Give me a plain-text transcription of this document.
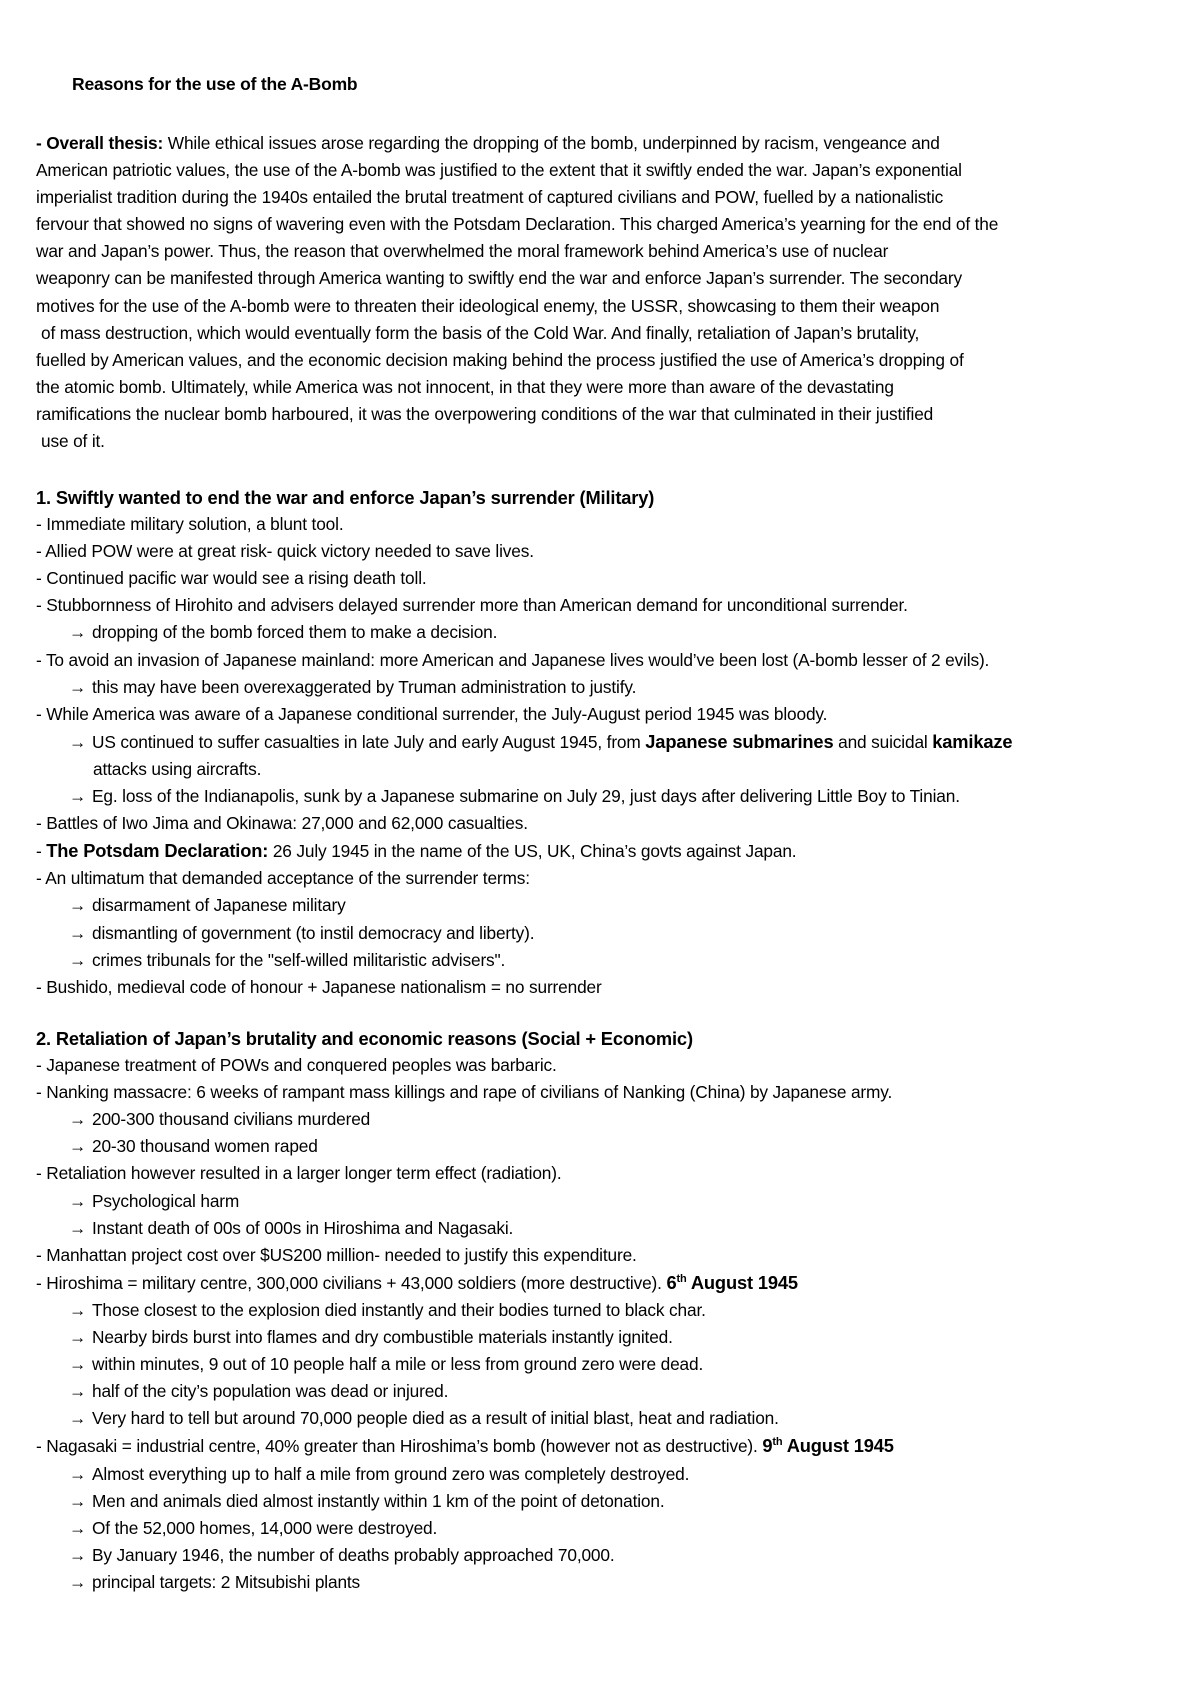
Reasons for the use of the A-Bomb
- Overall thesis: While ethical issues arose regarding the dropping of the bomb, underpinned by racism, vengeance and
American patriotic values, the use of the A-bomb was justified to the extent that it swiftly ended the war. Japan’s exponential
imperialist tradition during the 1940s entailed the brutal treatment of captured civilians and POW, fuelled by a nationalistic
fervour that showed no signs of wavering even with the Potsdam Declaration. This charged America’s yearning for the end of the
war and Japan’s power. Thus, the reason that overwhelmed the moral framework behind America’s use of nuclear
weaponry can be manifested through America wanting to swiftly end the war and enforce Japan’s surrender. The secondary
motives for the use of the A-bomb were to threaten their ideological enemy, the USSR, showcasing to them their weapon
of mass destruction, which would eventually form the basis of the Cold War. And finally, retaliation of Japan’s brutality,
fuelled by American values, and the economic decision making behind the process justified the use of America’s dropping of
the atomic bomb. Ultimately, while America was not innocent, in that they were more than aware of the devastating
ramifications the nuclear bomb harboured, it was the overpowering conditions of the war that culminated in their justified
use of it.
1. Swiftly wanted to end the war and enforce Japan’s surrender (Military)
- Immediate military solution, a blunt tool.
- Allied POW were at great risk- quick victory needed to save lives.
- Continued pacific war would see a rising death toll.
- Stubbornness of Hirohito and advisers delayed surrender more than American demand for unconditional surrender.
→ dropping of the bomb forced them to make a decision.
- To avoid an invasion of Japanese mainland: more American and Japanese lives would’ve been lost (A-bomb lesser of 2 evils).
→ this may have been overexaggerated by Truman administration to justify.
- While America was aware of a Japanese conditional surrender, the July-August period 1945 was bloody.
→ US continued to suffer casualties in late July and early August 1945, from Japanese submarines and suicidal kamikaze
attacks using aircrafts.
→ Eg. loss of the Indianapolis, sunk by a Japanese submarine on July 29, just days after delivering Little Boy to Tinian.
- Battles of Iwo Jima and Okinawa: 27,000 and 62,000 casualties.
- The Potsdam Declaration: 26 July 1945 in the name of the US, UK, China’s govts against Japan.
- An ultimatum that demanded acceptance of the surrender terms:
→ disarmament of Japanese military
→ dismantling of government (to instil democracy and liberty).
→ crimes tribunals for the "self-willed militaristic advisers".
- Bushido, medieval code of honour + Japanese nationalism = no surrender
2. Retaliation of Japan’s brutality and economic reasons (Social + Economic)
- Japanese treatment of POWs and conquered peoples was barbaric.
- Nanking massacre: 6 weeks of rampant mass killings and rape of civilians of Nanking (China) by Japanese army.
→ 200-300 thousand civilians murdered
→ 20-30 thousand women raped
- Retaliation however resulted in a larger longer term effect (radiation).
→ Psychological harm
→ Instant death of 00s of 000s in Hiroshima and Nagasaki.
- Manhattan project cost over $US200 million- needed to justify this expenditure.
- Hiroshima = military centre, 300,000 civilians + 43,000 soldiers (more destructive). 6th August 1945
→ Those closest to the explosion died instantly and their bodies turned to black char.
→ Nearby birds burst into flames and dry combustible materials instantly ignited.
→ within minutes, 9 out of 10 people half a mile or less from ground zero were dead.
→ half of the city’s population was dead or injured.
→ Very hard to tell but around 70,000 people died as a result of initial blast, heat and radiation.
- Nagasaki = industrial centre, 40% greater than Hiroshima’s bomb (however not as destructive). 9th August 1945
→ Almost everything up to half a mile from ground zero was completely destroyed.
→ Men and animals died almost instantly within 1 km of the point of detonation.
→ Of the 52,000 homes, 14,000 were destroyed.
→ By January 1946, the number of deaths probably approached 70,000.
→ principal targets: 2 Mitsubishi plants
